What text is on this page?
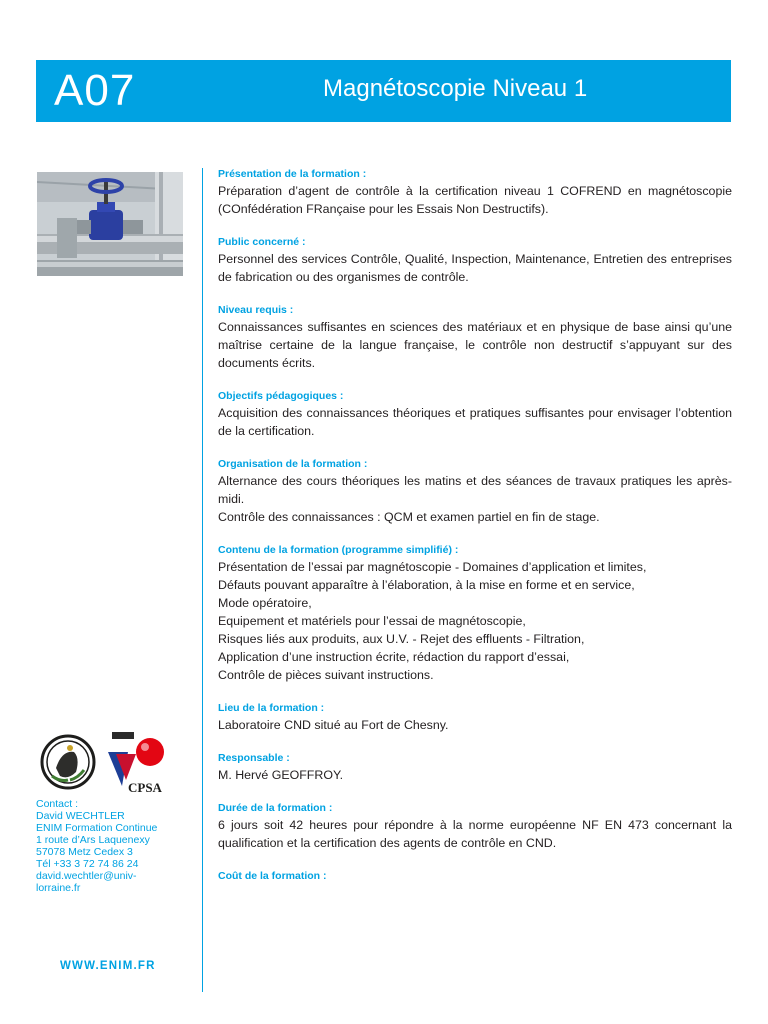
A07	Magnétoscopie Niveau 1
Présentation de la formation :

Préparation d’agent de contrôle à la certification niveau 1 COFREND en magnétoscopie (COnfédération FRançaise pour les Essais Non Destructifs).

Public concerné :

Personnel des services Contrôle, Qualité, Inspection, Maintenance, Entretien des entreprises de fabrication ou des organismes de contrôle.

Niveau requis :

Connaissances suffisantes en sciences des matériaux et en physique de base ainsi qu’une maîtrise certaine de la langue française, le contrôle non destructif s’appuyant sur des documents écrits.

Objectifs pédagogiques :

Acquisition des connaissances théoriques et pratiques suffisantes pour envisager l’obtention de la certification.

Organisation de la formation :

Alternance des cours théoriques les matins et des séances de travaux pratiques les après-midi.

Contrôle des connaissances : QCM et examen partiel en fin de stage.

Contenu de la formation (programme simplifié) :
Présentation de l’essai par magnétoscopie - Domaines d’application et limites,
Défauts pouvant apparaître à l’élaboration, à la mise en forme et en service,
Mode opératoire,
Equipement et matériels pour l’essai de magnétoscopie,
Risques liés aux produits, aux U.V. - Rejet des effluents - Filtration,
Application d’une instruction écrite, rédaction du rapport d’essai,
Contrôle de pièces suivant instructions.
Lieu de la formation :

Laboratoire CND situé au Fort de Chesny.

Responsable :

M. Hervé GEOFFROY.

Durée de la formation :

6 jours soit 42 heures pour répondre à la norme européenne NF EN 473 concernant la qualification et la certification des agents de contrôle en CND.

Coût de la formation :
CPSA
Contact :
David WECHTLER
ENIM Formation Continue
1 route d’Ars Laquenexy
57078 Metz Cedex 3
Tél +33 3 72 74 86 24
david.wechtler@univ-
lorraine.fr
WWW.ENIM.FR
